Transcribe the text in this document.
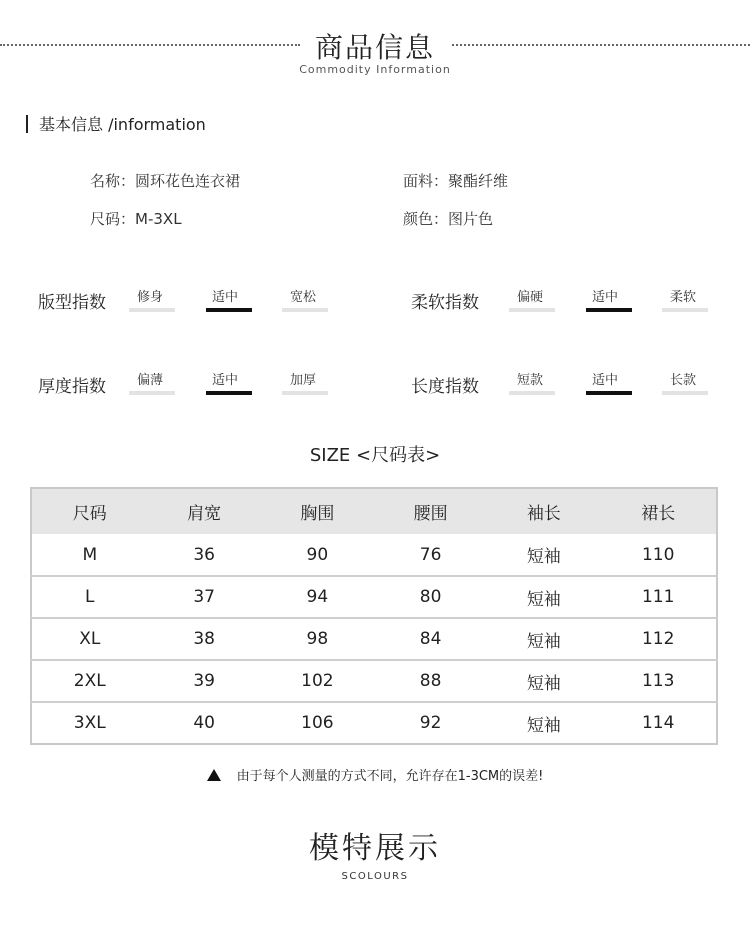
商品信息
Commodity Information
基本信息 /information
名称：圆环花色连衣裙	面料：聚酯纤维
尺码：M-3XL	颜色：图片色
版型指数	修身	适中	宽松	柔软指数	偏硬	适中	柔软
厚度指数	偏薄	适中	加厚	长度指数	短款	适中	长款
SIZE <尺码表>
尺码	肩宽	胸围	腰围	袖长	裙长
M	36	90	76	短袖	110
L	37	94	80	短袖	111
XL	38	98	84	短袖	112
2XL	39	102	88	短袖	113
3XL	40	106	92	短袖	114
由于每个人测量的方式不同，允许存在1-3CM的误差!
模特展示
SCOLOURS
